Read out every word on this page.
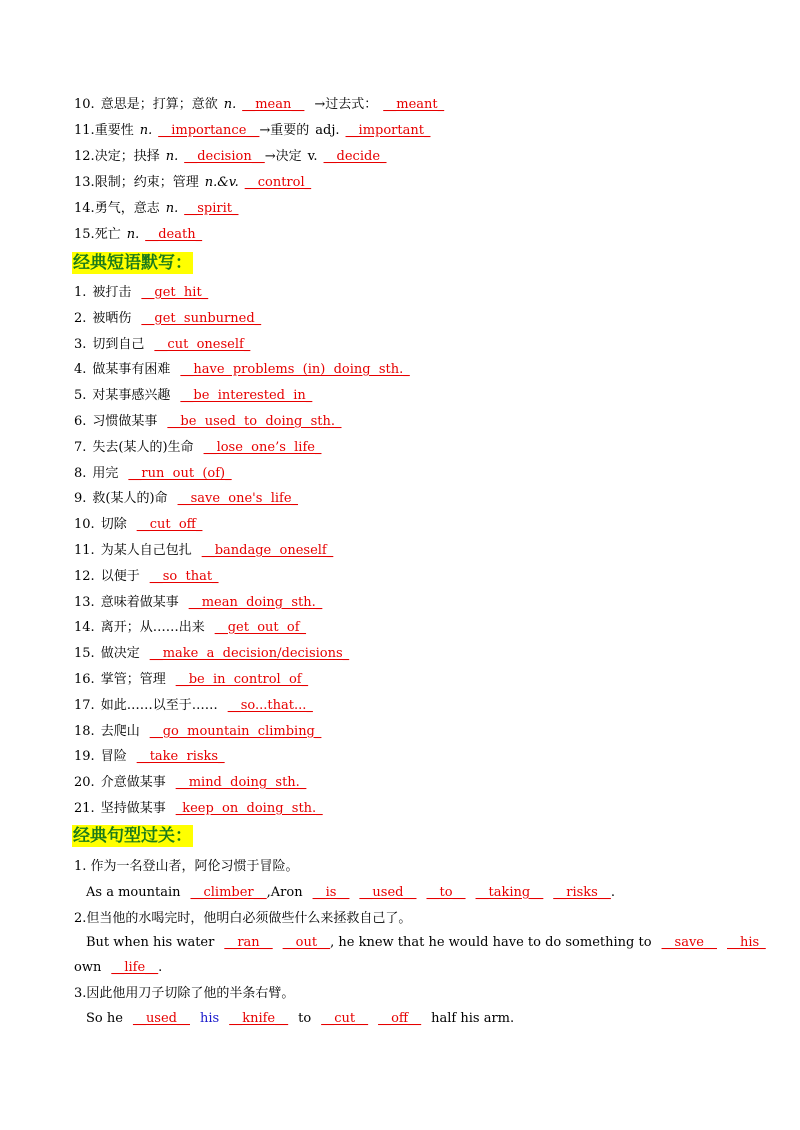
10. 意思是；打算；意欲 n. __mean__ →过去式： __meant_
11.重要性 n. __importance__→重要的 adj. __important_
12.决定；抉择 n. __decision__→决定 v. __decide_
13.限制；约束；管理 n.&v. __control_
14.勇气，意志 n. __spirit_
15.死亡 n. __death_
经典短语默写：
1. 被打击 __get  hit_
2. 被晒伤 __get  sunburned_
3. 切到自己 __cut  oneself_
4. 做某事有困难 __have  problems  (in)  doing  sth._
5. 对某事感兴趣 __be  interested  in_
6. 习惯做某事 __be  used  to  doing  sth._
7. 失去(某人的)生命 __lose  one’s  life_
8. 用完 __run  out  (of)_
9. 救(某人的)命 __save  one's  life_
10. 切除 __cut  off_
11. 为某人自己包扎 __bandage  oneself_
12. 以便于 __so  that_
13. 意味着做某事 __mean  doing  sth._
14. 离开；从……出来 __get  out  of_
15. 做决定 __make  a  decision/decisions_
16. 掌管；管理 __be  in  control  of_
17. 如此……以至于…… __so...that..._
18. 去爬山 __go  mountain  climbing_
19. 冒险 __take  risks_
20. 介意做某事 __mind  doing  sth._
21. 坚持做某事 _keep  on  doing  sth._
经典句型过关：
1. 作为一名登山者，阿伦习惯于冒险。
As a mountain __climber__,Aron __is__ __used__ __to__ __taking__ __risks__.
2.但当他的水喝完时，他明白必须做些什么来拯救自己了。
But when his water __ran__ __out__, he knew that he would have to do something to __save__ __his_
own __life__.
3.因此他用刀子切除了他的半条右臂。
So he __used__ his __knife__ to __cut__ __off__ half his arm.
